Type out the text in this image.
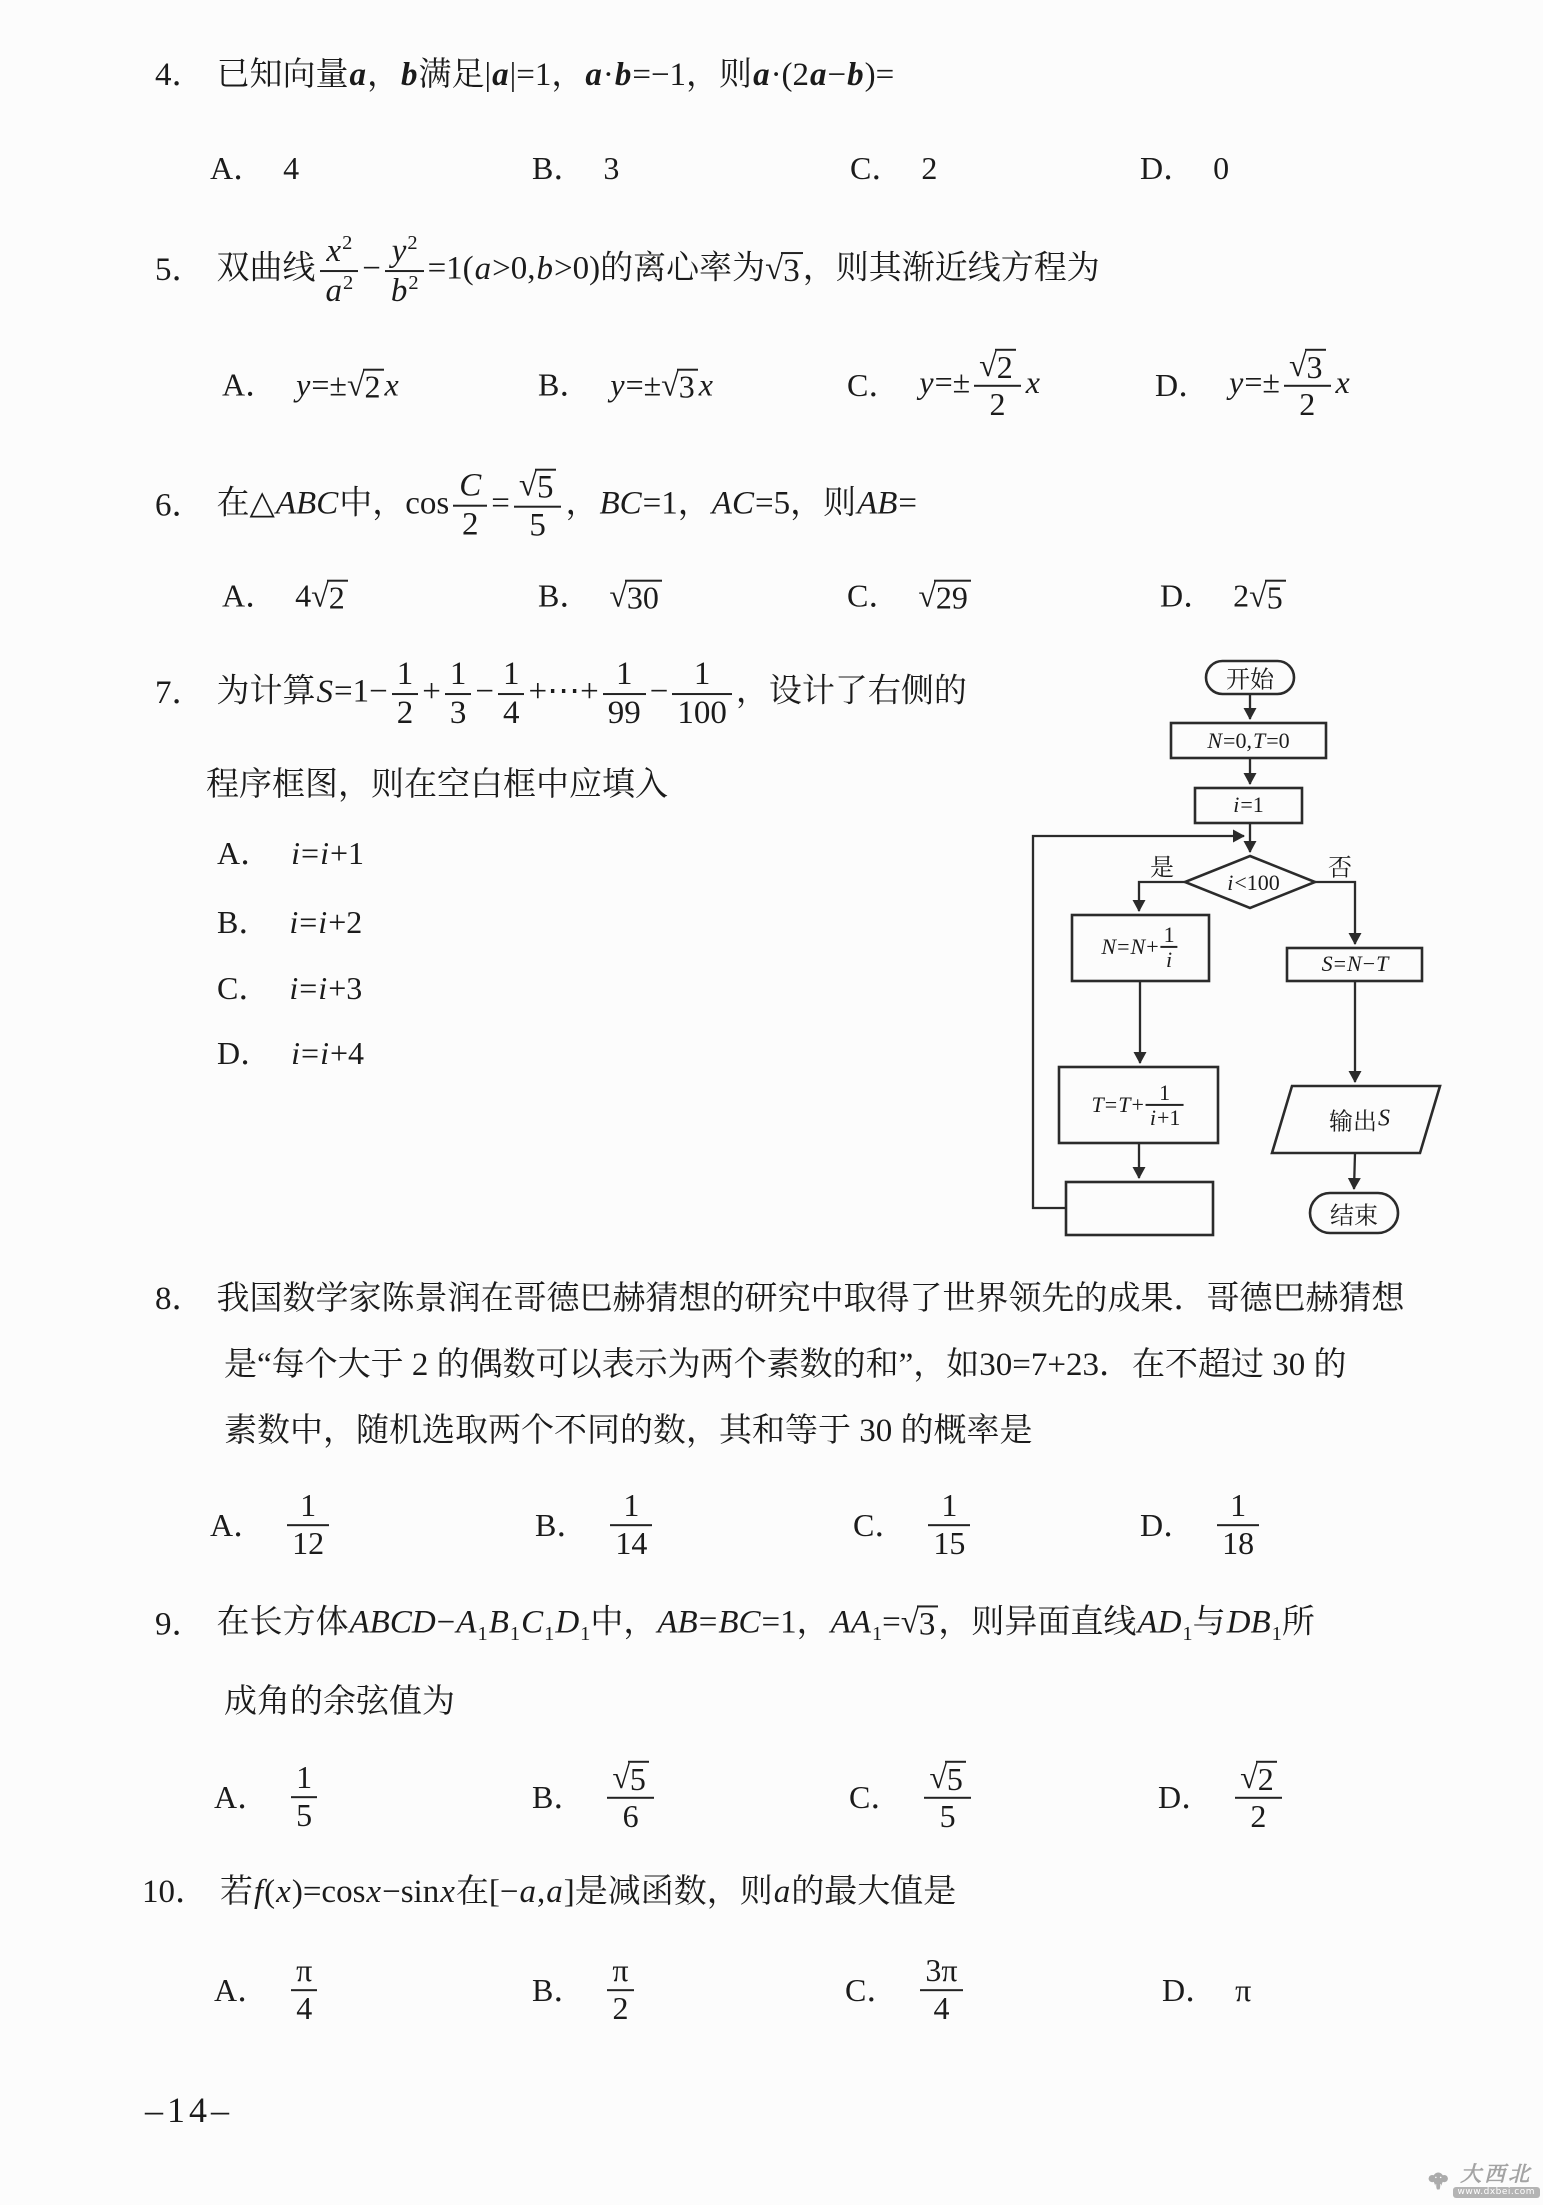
4． 已知向量a，b满足|a|=1，a·b=−1，则a·(2a−b)=
A． 4	B． 3	C． 2	D． 0
5． 双曲线 $\frac{x^2}{a^2} - \frac{y^2}{b^2} =1(a>0,b>0)$的离心率为 √ 3 ，则其渐近线方程为
A． y=± √ 2 x	B． y=± √ 3 x	C． $y=\pm \frac{√ 2}{2}$ x	D． $y=\pm \frac{√ 3}{2}$ x
6． 在△ABC中，$\cos \frac{C}{2} = \frac{√ 5}{5}$ ，BC=1，AC=5，则AB=
A． 4 √ 2	B． √ 30	C． √ 29	D． 2 √ 5
7． 为计算$S=1- \frac{1}{2} + \frac{1}{3} - \frac{1}{4}$ +⋯+ $\frac{1}{99} - \frac{1}{100}$ ，设计了右侧的
程序框图，则在空白框中应填入
A． i=i+1
B． i=i+2
C． i=i+3
D． i=i+4
开始
N =0, T =0
i =1
i <100
是	否
$N = N + \frac{1}{i}$	S = N − T
$T = T + \frac{1}{i+1}$	输出 S
结束
8． 我国数学家陈景润在哥德巴赫猜想的研究中取得了世界领先的成果．哥德巴赫猜想
是“每个大于 2 的偶数可以表示为两个素数的和”，如30=7+23．在不超过 30 的
素数中，随机选取两个不同的数，其和等于 30 的概率是
A． $\frac{1}{12}$	B． $\frac{1}{14}$	C． $\frac{1}{15}$	D． $\frac{1}{18}$
9． 在长方体$ABCD-A_1B_1C_1D_1$中，AB=BC=1，$AA_1=$ √ 3 ，则异面直线$AD_1$与$DB_1$所
成角的余弦值为
A． $\frac{1}{5}$	B． $\frac{√ 5}{6}$	C． $\frac{√ 5}{5}$	D． $\frac{√ 2}{2}$
10． 若f(x)=cosx−sinx在[−a,a]是减函数，则a的最大值是
A． $\frac{\pi}{4}$	B． $\frac{\pi}{2}$	C． $\frac{3\pi}{4}$	D． π
–14–
大西北
www.dxbei.com
